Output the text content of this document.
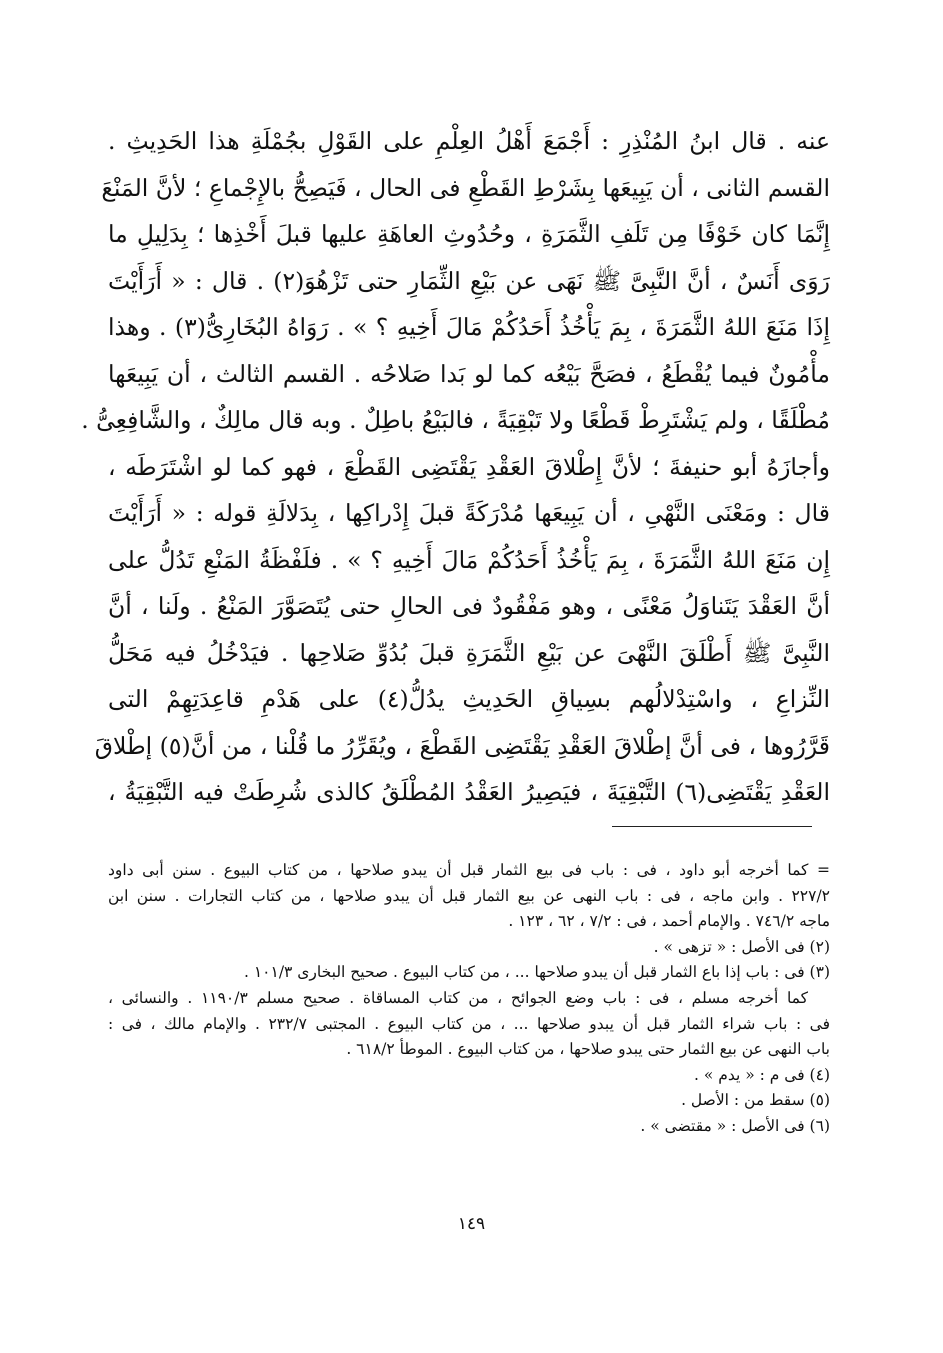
عنه . قال ابنُ المُنْذِرِ : أَجْمَعَ أَهْلُ العِلْمِ على القَوْلِ بجُمْلَةِ هذا الحَدِيثِ .
القسم الثانى ، أن يَبِيعَها بِشَرْطِ القَطْعِ فى الحال ، فَيَصِحُّ بالإِجْماعِ ؛ لأنَّ المَنْعَ
إِنَّمَا كان خَوْفًا مِن تَلَفِ الثَّمَرَةِ ، وحُدُوثِ العاهَةِ عليها قبلَ أَخْذِها ؛ بِدَلِيلِ ما
رَوَى أَنَسٌ ، أنَّ النَّبِىَّ ﷺ نَهَى عن بَيْعِ الثِّمَارِ حتى تَزْهُوَ(٢) . قال : « أَرَأَيْتَ
إِذَا مَنَعَ اللهُ الثَّمَرَةَ ، بِمَ يَأْخُذُ أَحَدُكُمْ مَالَ أَخِيهِ ؟ » . رَوَاهُ البُخَارِىُّ(٣) . وهذا
مأْمُونٌ فيما يُقْطَعُ ، فصَحَّ بَيْعُه كما لو بَدا صَلاحُه . القسم الثالث ، أن يَبِيعَها
مُطْلَقًا ، ولم يَشْتَرِطْ قَطْعًا ولا تَبْقِيَةً ، فالبَيْعُ باطِلٌ . وبه قال مالِكٌ ، والشَّافِعِىُّ .
وأجازَهُ أبو حنيفةَ ؛ لأنَّ إِطْلاقَ العَقْدِ يَقْتَضِى القَطْعَ ، فهو كما لو اشْتَرَطَه ،
قال : ومَعْنَى النَّهْىِ ، أن يَبِيعَها مُدْرَكَةً قبلَ إِدْراكِها ، بِدَلالَةِ قوله : « أَرَأَيْتَ
إِن مَنَعَ اللهُ الثَّمَرَةَ ، بِمَ يَأْخُذُ أَحَدُكُمْ مَالَ أَخِيهِ ؟ » . فلَفْظَةُ المَنْعِ تَدُلُّ على
أنَّ العَقْدَ يَتَناوَلُ مَعْنًى ، وهو مَفْقُودٌ فى الحالِ حتى يُتَصَوَّرَ المَنْعُ . ولَنا ، أنَّ
النَّبِىَّ ﷺ أَطْلَقَ النَّهْىَ عن بَيْعِ الثَّمَرَةِ قبلَ بُدُوِّ صَلاحِها . فيَدْخُلُ فيه مَحَلُّ
النِّزاعِ ، واسْتِدْلالُهم بسِياقِ الحَدِيثِ يدُلُّ(٤) على هَدْمِ قاعِدَتِهِمْ التى
قَرَّرُوها ، فى أنَّ إطْلاقَ العَقْدِ يَقْتَضِى القَطْعَ ، ويُقَرِّرُ ما قُلْنا ، من أنَّ(٥) إطْلاقَ
العَقْدِ يَقْتَضِى(٦) التَّبْقِيَةَ ، فيَصِيرُ العَقْدُ المُطْلَقُ كالذى شُرِطَتْ فيه التَّبْقِيَةُ ،
= كما أخرجه أبو داود ، فى : باب فى بيع الثمار قبل أن يبدو صلاحها ، من كتاب البيوع . سنن أبى داود
٢٢٧/٢ . وابن ماجه ، فى : باب النهى عن بيع الثمار قبل أن يبدو صلاحها ، من كتاب التجارات . سنن ابن
ماجه ٧٤٦/٢ . والإمام أحمد ، فى : ٧/٢ ، ٦٢ ، ١٢٣ .
(٢) فى الأصل : « تزهى » .
(٣) فى : باب إذا باع الثمار قبل أن يبدو صلاحها ... ، من كتاب البيوع . صحيح البخارى ١٠١/٣ .
كما أخرجه مسلم ، فى : باب وضع الجوائح ، من كتاب المساقاة . صحيح مسلم ١١٩٠/٣ . والنسائى ،
فى : باب شراء الثمار قبل أن يبدو صلاحها ... ، من كتاب البيوع . المجتبى ٢٣٢/٧ . والإمام مالك ، فى :
باب النهى عن بيع الثمار حتى يبدو صلاحها ، من كتاب البيوع . الموطأ ٦١٨/٢ .
(٤) فى م : « يدم » .
(٥) سقط من : الأصل .
(٦) فى الأصل : « مقتضى » .
١٤٩
